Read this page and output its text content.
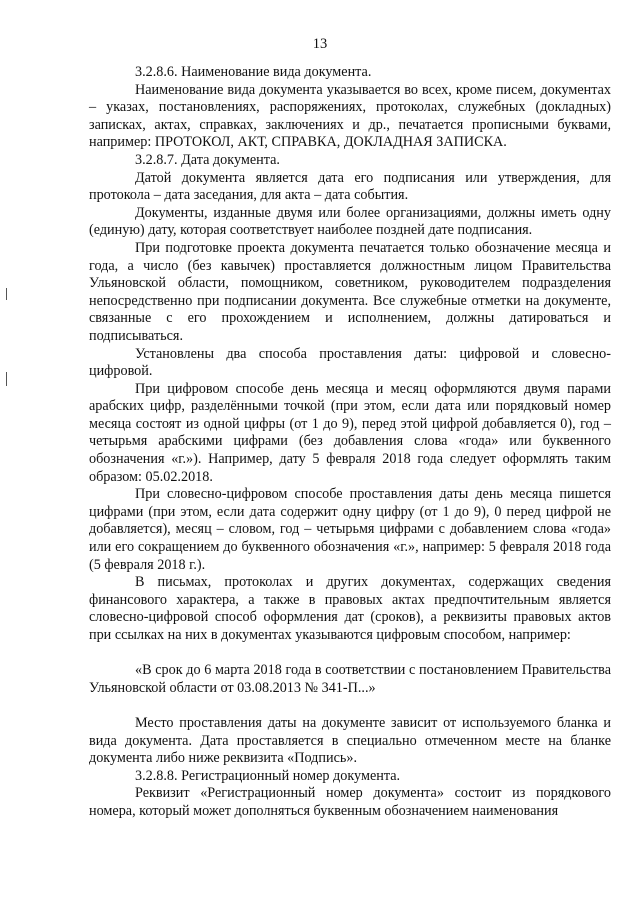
13

3.2.8.6. Наименование вида документа.

Наименование вида документа указывается во всех, кроме писем, документах – указах, постановлениях, распоряжениях, протоколах, служебных (докладных) записках, актах, справках, заключениях и др., печатается прописными буквами, например: ПРОТОКОЛ, АКТ, СПРАВКА, ДОКЛАДНАЯ ЗАПИСКА.

3.2.8.7. Дата документа.

Датой документа является дата его подписания или утверждения, для протокола – дата заседания, для акта – дата события.

Документы, изданные двумя или более организациями, должны иметь одну (единую) дату, которая соответствует наиболее поздней дате подписания.

При подготовке проекта документа печатается только обозначение месяца и года, а число (без кавычек) проставляется должностным лицом Правительства Ульяновской области, помощником, советником, руководителем подразделения непосредственно при подписании документа. Все служебные отметки на документе, связанные с его прохождением и исполнением, должны датироваться и подписываться.

Установлены два способа проставления даты: цифровой и словесно-цифровой.

При цифровом способе день месяца и месяц оформляются двумя парами арабских цифр, разделёнными точкой (при этом, если дата или порядковый номер месяца состоят из одной цифры (от 1 до 9), перед этой цифрой добавляется 0), год – четырьмя арабскими цифрами (без добавления слова «года» или буквенного обозначения «г.»). Например, дату 5 февраля 2018 года следует оформлять таким образом: 05.02.2018.

При словесно-цифровом способе проставления даты день месяца пишется цифрами (при этом, если дата содержит одну цифру (от 1 до 9), 0 перед цифрой не добавляется), месяц – словом, год – четырьмя цифрами с добавлением слова «года» или его сокращением до буквенного обозначения «г.», например: 5 февраля 2018 года (5 февраля 2018 г.).

В письмах, протоколах и других документах, содержащих сведения финансового характера, а также в правовых актах предпочтительным является словесно-цифровой способ оформления дат (сроков), а реквизиты правовых актов при ссылках на них в документах указываются цифровым способом, например:

«В срок до 6 марта 2018 года в соответствии с постановлением Правительства Ульяновской области от 03.08.2013 № 341-П...»

Место проставления даты на документе зависит от используемого бланка и вида документа. Дата проставляется в специально отмеченном месте на бланке документа либо ниже реквизита «Подпись».

3.2.8.8. Регистрационный номер документа.

Реквизит «Регистрационный номер документа» состоит из порядкового номера, который может дополняться буквенным обозначением наименования
